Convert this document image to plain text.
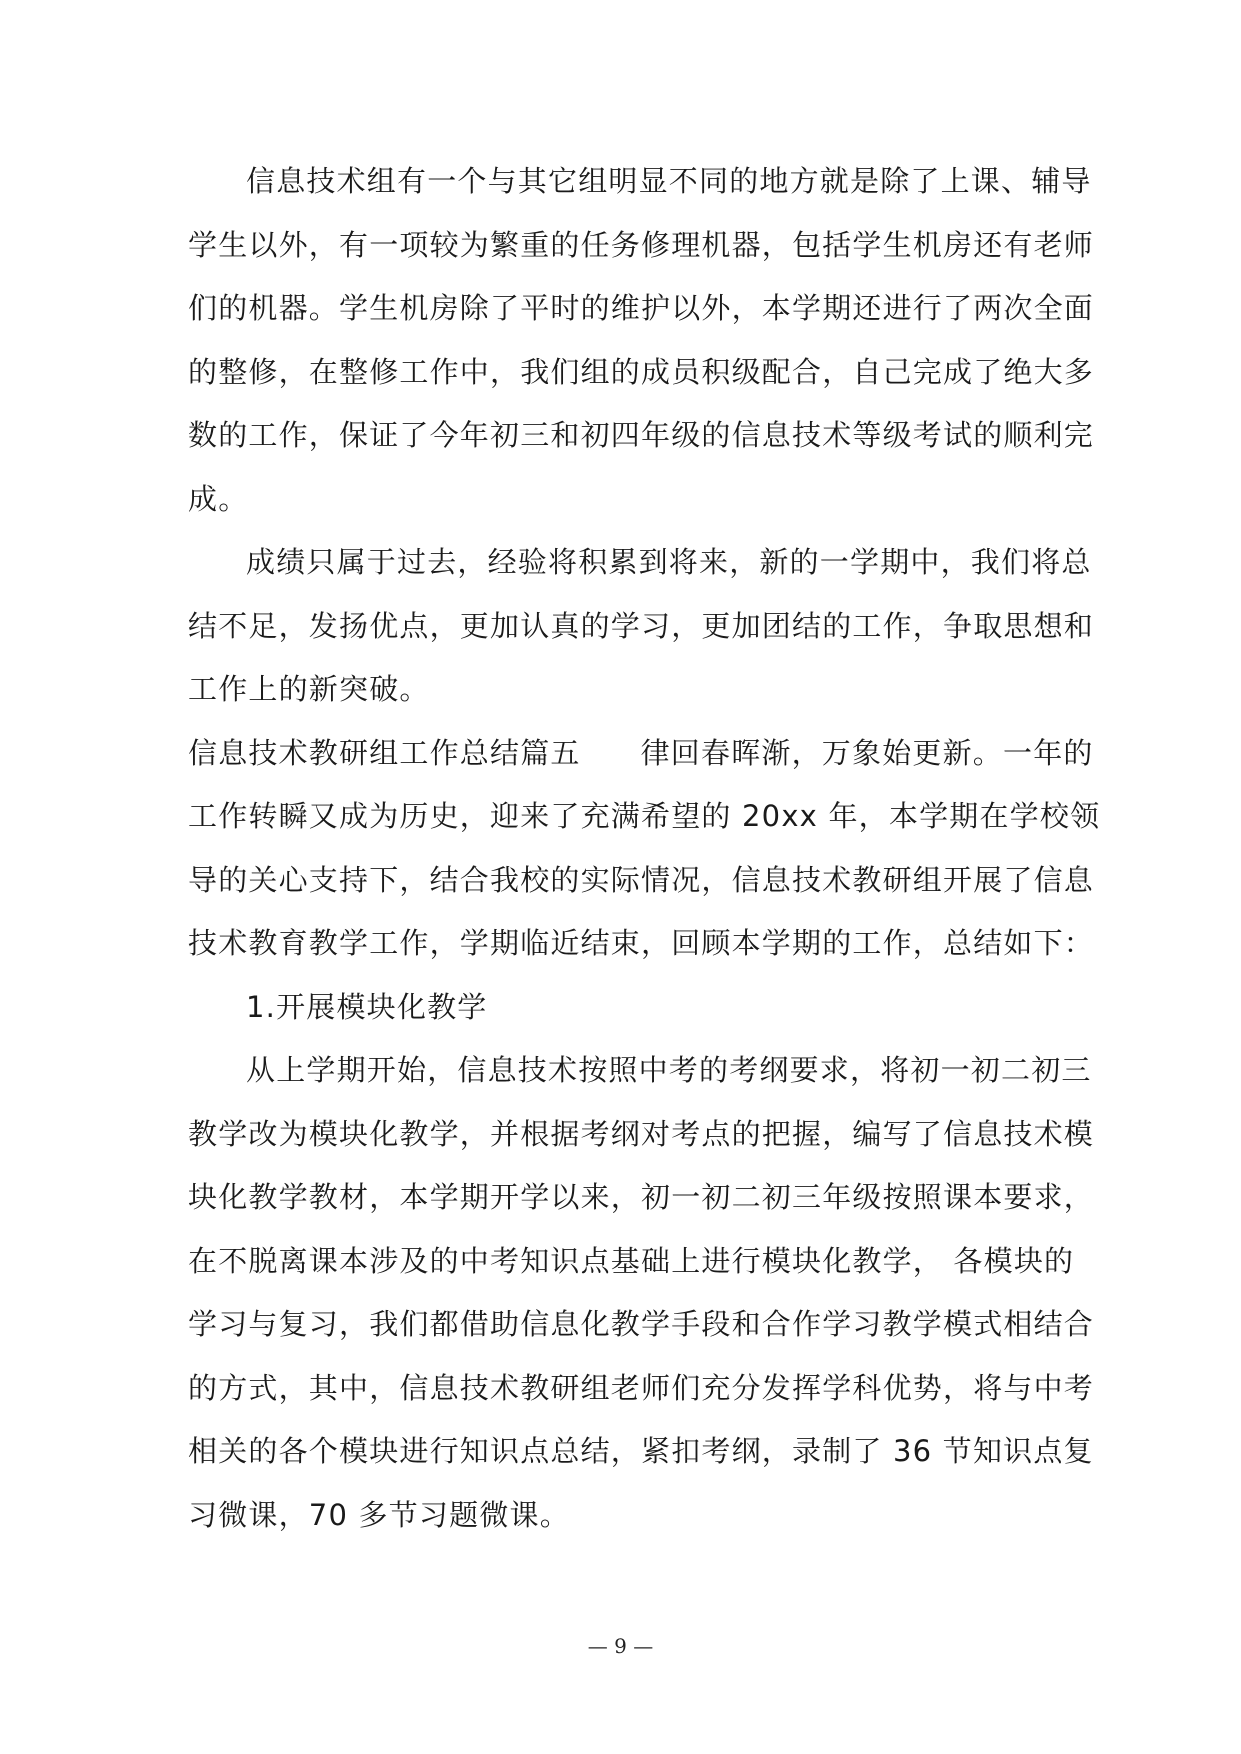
信息技术组有一个与其它组明显不同的地方就是除了上课、辅导
学生以外，有一项较为繁重的任务修理机器，包括学生机房还有老师
们的机器。学生机房除了平时的维护以外，本学期还进行了两次全面
的整修，在整修工作中，我们组的成员积级配合，自己完成了绝大多
数的工作，保证了今年初三和初四年级的信息技术等级考试的顺利完
成。
成绩只属于过去，经验将积累到将来，新的一学期中，我们将总
结不足，发扬优点，更加认真的学习，更加团结的工作，争取思想和
工作上的新突破。
信息技术教研组工作总结篇五 律回春晖渐，万象始更新。一年的
工作转瞬又成为历史，迎来了充满希望的 20xx 年，本学期在学校领
导的关心支持下，结合我校的实际情况，信息技术教研组开展了信息
技术教育教学工作，学期临近结束，回顾本学期的工作，总结如下：
1.开展模块化教学
从上学期开始，信息技术按照中考的考纲要求，将初一初二初三
教学改为模块化教学，并根据考纲对考点的把握，编写了信息技术模
块化教学教材，本学期开学以来，初一初二初三年级按照课本要求，
在不脱离课本涉及的中考知识点基础上进行模块化教学， 各模块的
学习与复习，我们都借助信息化教学手段和合作学习教学模式相结合
的方式，其中，信息技术教研组老师们充分发挥学科优势，将与中考
相关的各个模块进行知识点总结，紧扣考纲，录制了 36 节知识点复
习微课，70 多节习题微课。
— 9 —
